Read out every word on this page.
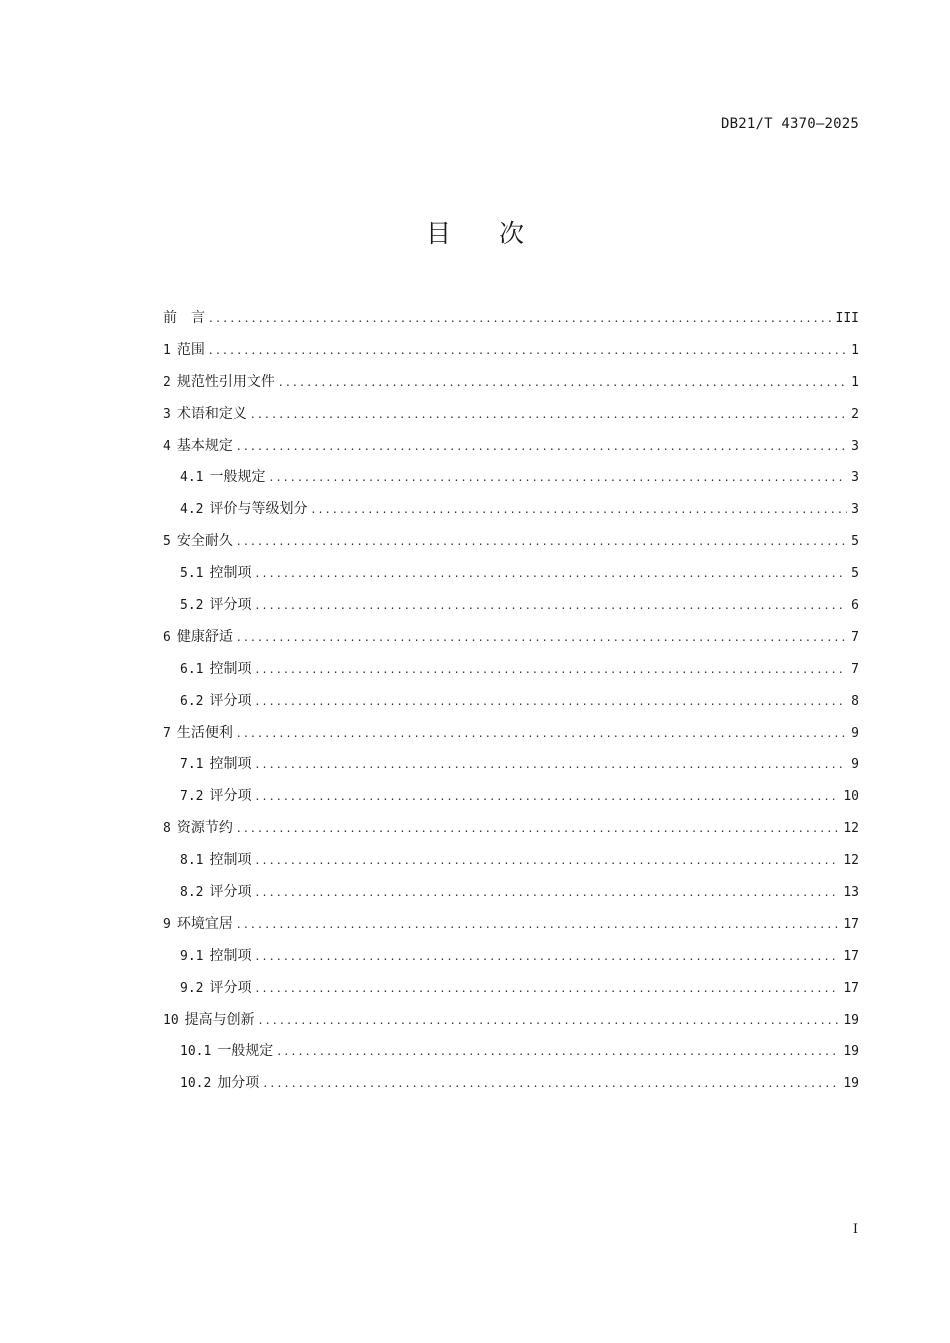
DB21/T 4370—2025
目 次
前　言 .....	III
1 范围 .....	1
2 规范性引用文件 .....	1
3 术语和定义 .....	2
4 基本规定 .....	3
4.1 一般规定 .....	3
4.2 评价与等级划分 .....	3
5 安全耐久 .....	5
5.1 控制项 .....	5
5.2 评分项 .....	6
6 健康舒适 .....	7
6.1 控制项 .....	7
6.2 评分项 .....	8
7 生活便利 .....	9
7.1 控制项 .....	9
7.2 评分项 .....	10
8 资源节约 .....	12
8.1 控制项 .....	12
8.2 评分项 .....	13
9 环境宜居 .....	17
9.1 控制项 .....	17
9.2 评分项 .....	17
10 提高与创新 .....	19
10.1 一般规定 .....	19
10.2 加分项 .....	19
I
